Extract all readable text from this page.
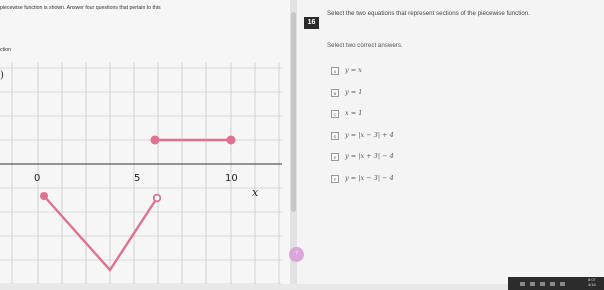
piecewise function is shown. Answer four questions that pertain to this
ction
)
0	5	10
x
16
Select the two equations that represent sections of the piecewise function.
Select two correct answers.
A	y = x
B	y = 1
C	x = 1
D	y = |x − 3| + 4
E	y = |x + 3| − 4
F	y = |x − 3| − 4
?
8:07
4/16
